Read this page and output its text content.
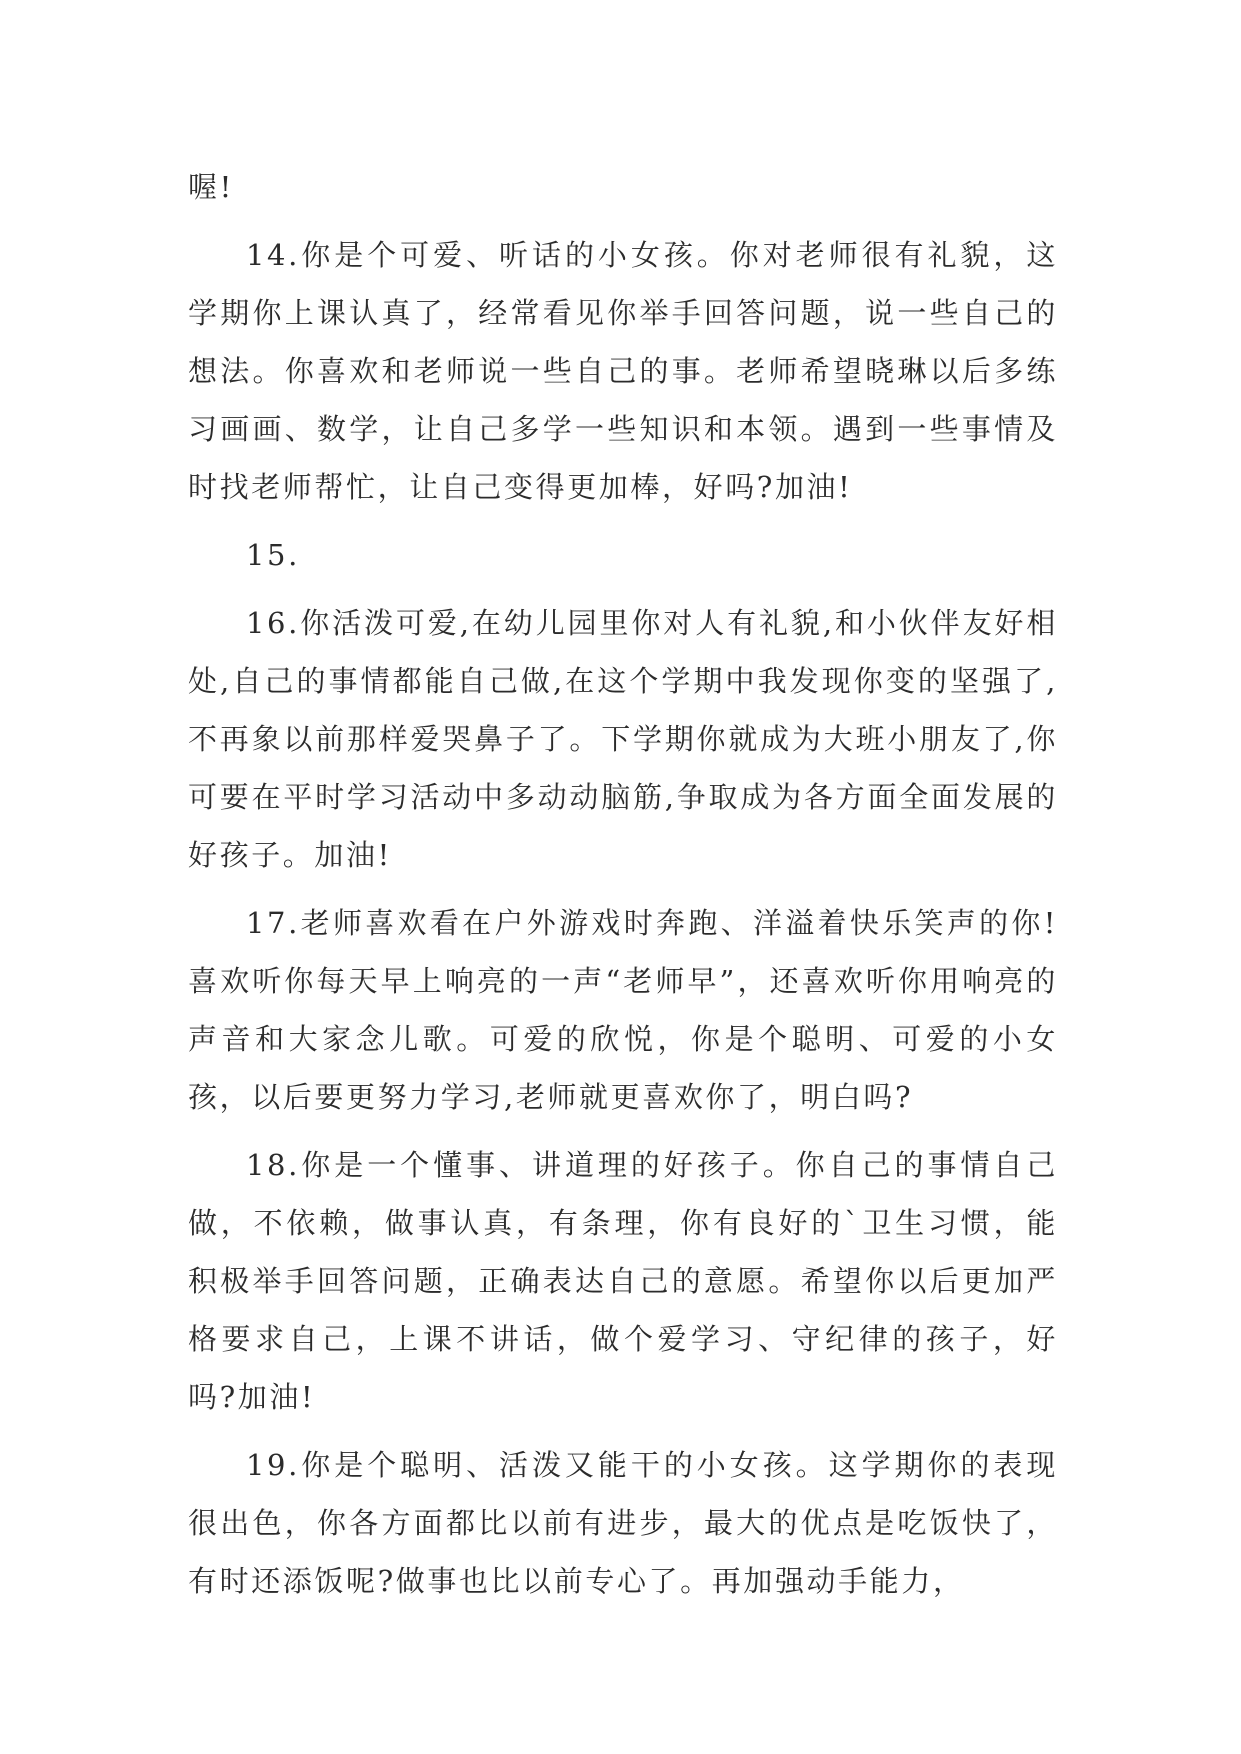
喔!

14.你是个可爱、听话的小女孩。你对老师很有礼貌，这学期你上课认真了，经常看见你举手回答问题，说一些自己的想法。你喜欢和老师说一些自己的事。老师希望晓琳以后多练习画画、数学，让自己多学一些知识和本领。遇到一些事情及时找老师帮忙，让自己变得更加棒，好吗?加油!

15.

16.你活泼可爱,在幼儿园里你对人有礼貌,和小伙伴友好相处,自己的事情都能自己做,在这个学期中我发现你变的坚强了,不再象以前那样爱哭鼻子了。下学期你就成为大班小朋友了,你可要在平时学习活动中多动动脑筋,争取成为各方面全面发展的好孩子。加油!

17.老师喜欢看在户外游戏时奔跑、洋溢着快乐笑声的你!喜欢听你每天早上响亮的一声“老师早”，还喜欢听你用响亮的声音和大家念儿歌。可爱的欣悦，你是个聪明、可爱的小女孩，以后要更努力学习,老师就更喜欢你了，明白吗?

18.你是一个懂事、讲道理的好孩子。你自己的事情自己做，不依赖，做事认真，有条理，你有良好的`卫生习惯，能积极举手回答问题，正确表达自己的意愿。希望你以后更加严格要求自己，上课不讲话，做个爱学习、守纪律的孩子，好吗?加油!

19.你是个聪明、活泼又能干的小女孩。这学期你的表现很出色，你各方面都比以前有进步，最大的优点是吃饭快了，有时还添饭呢?做事也比以前专心了。再加强动手能力，
